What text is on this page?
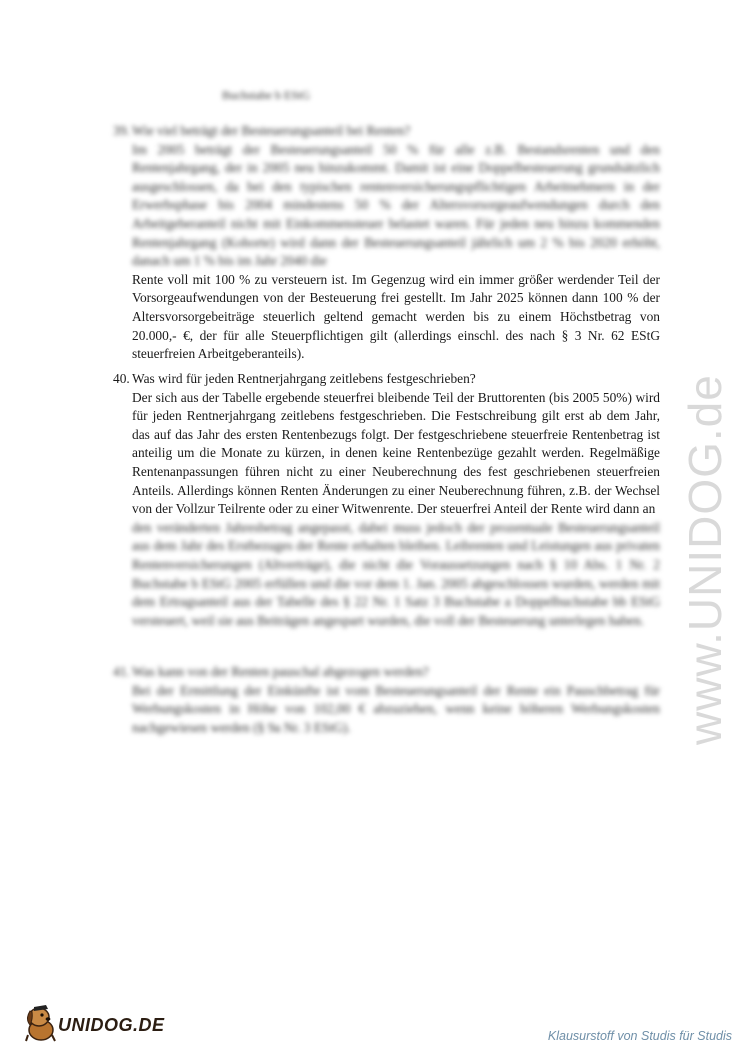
Buchstabe b EStG
39. Wie viel beträgt der Besteuerungsanteil bei Renten?
Im 2005 beträgt der Besteuerungsanteil 50 % für alle z.B. Bestandsrenten und den Rentenjahrgang, der in 2005 neu hinzukommt. Damit ist eine Doppelbesteuerung grundsätzlich ausgeschlossen, da bei den typischen rentenversicherungspflichtigen Arbeitnehmern in der Erwerbsphase bis 2004 mindestens 50 % der Altersvorsorgeaufwendungen durch den Arbeitgeberanteil nicht mit Einkommensteuer belastet waren. Für jeden neu hinzu kommenden Rentenjahrgang (Kohorte) wird dann der Besteuerungsanteil jährlich um 2 % bis 2020 erhöht, danach um 1 % bis im Jahr 2040 die
Rente voll mit 100 % zu versteuern ist. Im Gegenzug wird ein immer größer werdender Teil der Vorsorgeaufwendungen von der Besteuerung frei gestellt. Im Jahr 2025 können dann 100 % der Altersvorsorgebeiträge steuerlich geltend gemacht werden bis zu einem Höchstbetrag von 20.000,- €, der für alle Steuerpflichtigen gilt (allerdings einschl. des nach § 3 Nr. 62 EStG steuerfreien Arbeitgeberanteils).
40. Was wird für jeden Rentnerjahrgang zeitlebens festgeschrieben?
Der sich aus der Tabelle ergebende steuerfrei bleibende Teil der Bruttorenten (bis 2005 50%) wird für jeden Rentnerjahrgang zeitlebens festgeschrieben. Die Festschreibung gilt erst ab dem Jahr, das auf das Jahr des ersten Rentenbezugs folgt. Der festgeschriebene steuerfreie Rentenbetrag ist anteilig um die Monate zu kürzen, in denen keine Rentenbezüge gezahlt werden. Regelmäßige Rentenanpassungen führen nicht zu einer Neuberechnung des fest geschriebenen steuerfreien Anteils. Allerdings können Renten Änderungen zu einer Neuberechnung führen, z.B. der Wechsel von der Vollzur Teilrente oder zu einer Witwenrente. Der steuerfrei Anteil der Rente wird dann an
den veränderten Jahresbetrag angepasst, dabei muss jedoch der prozentuale Besteuerungsanteil aus dem Jahr des Erstbezuges der Rente erhalten bleiben. Leibrenten und Leistungen aus privaten Rentenversicherungen (Altverträge), die nicht die Voraussetzungen nach § 10 Abs. 1 Nr. 2 Buchstabe b EStG 2005 erfüllen und die vor dem 1. Jan. 2005 abgeschlossen wurden, werden mit dem Ertragsanteil aus der Tabelle des § 22 Nr. 1 Satz 3 Buchstabe a Doppelbuchstabe bb EStG versteuert, weil sie aus Beiträgen angespart wurden, die voll der Besteuerung unterlegen haben.
41. Was kann von der Renten pauschal abgezogen werden?
Bei der Ermittlung der Einkünfte ist vom Besteuerungsanteil der Rente ein Pauschbetrag für Werbungskosten in Höhe von 102,00 € abzuziehen, wenn keine höheren Werbungskosten nachgewiesen werden (§ 9a Nr. 3 EStG).	www.UNIDOG.de
UNIDOG.DE
Klausurstoff von Studis für Studis
